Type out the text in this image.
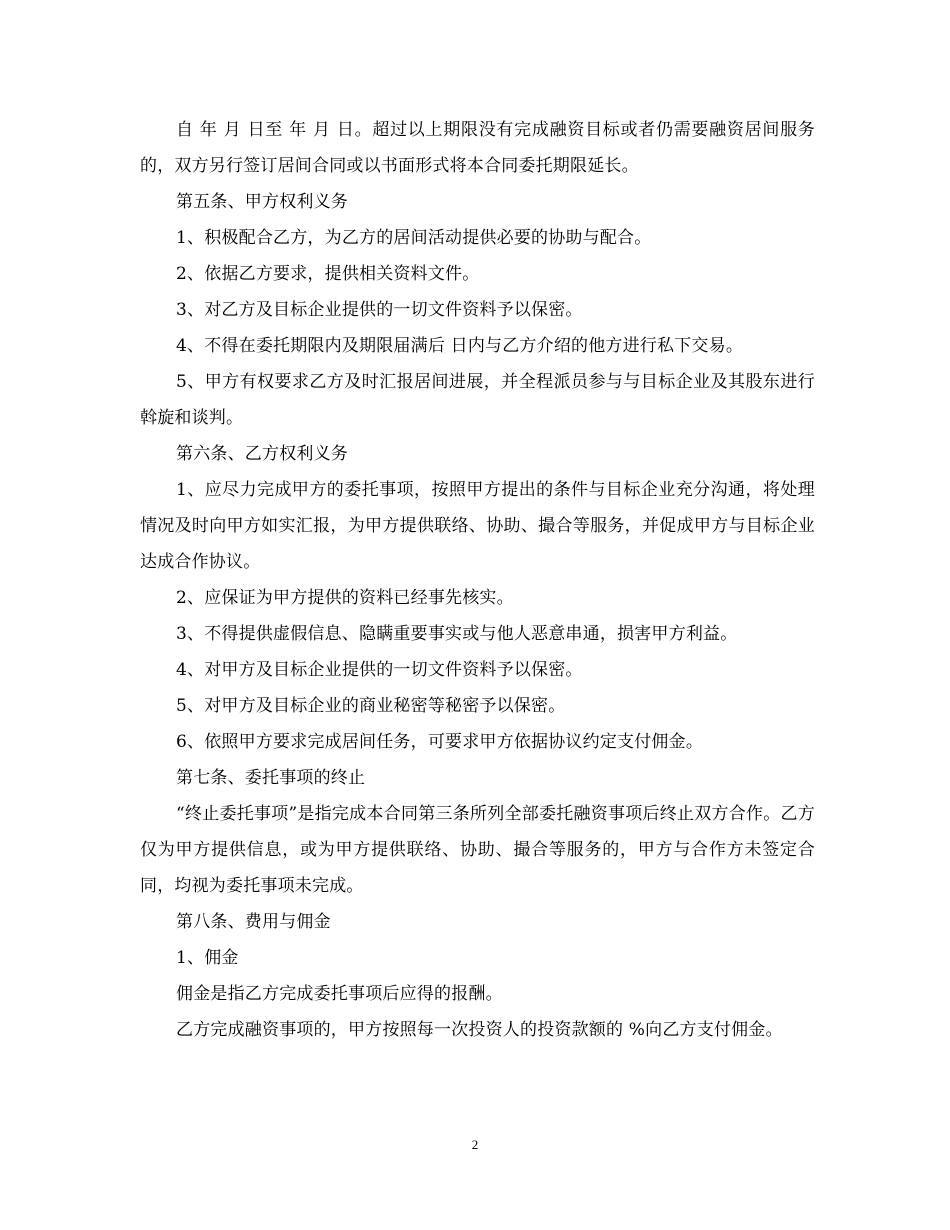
自 年 月 日至 年 月 日。超过以上期限没有完成融资目标或者仍需要融资居间服务的，双方另行签订居间合同或以书面形式将本合同委托期限延长。

第五条、甲方权利义务

1、积极配合乙方，为乙方的居间活动提供必要的协助与配合。

2、依据乙方要求，提供相关资料文件。

3、对乙方及目标企业提供的一切文件资料予以保密。

4、不得在委托期限内及期限届满后 日内与乙方介绍的他方进行私下交易。

5、甲方有权要求乙方及时汇报居间进展，并全程派员参与与目标企业及其股东进行斡旋和谈判。

第六条、乙方权利义务

1、应尽力完成甲方的委托事项，按照甲方提出的条件与目标企业充分沟通，将处理情况及时向甲方如实汇报，为甲方提供联络、协助、撮合等服务，并促成甲方与目标企业达成合作协议。

2、应保证为甲方提供的资料已经事先核实。

3、不得提供虚假信息、隐瞒重要事实或与他人恶意串通，损害甲方利益。

4、对甲方及目标企业提供的一切文件资料予以保密。

5、对甲方及目标企业的商业秘密等秘密予以保密。

6、依照甲方要求完成居间任务，可要求甲方依据协议约定支付佣金。

第七条、委托事项的终止

“终止委托事项”是指完成本合同第三条所列全部委托融资事项后终止双方合作。乙方仅为甲方提供信息，或为甲方提供联络、协助、撮合等服务的，甲方与合作方未签定合同，均视为委托事项未完成。

第八条、费用与佣金

1、佣金

佣金是指乙方完成委托事项后应得的报酬。

乙方完成融资事项的，甲方按照每一次投资人的投资款额的 %向乙方支付佣金。

2
